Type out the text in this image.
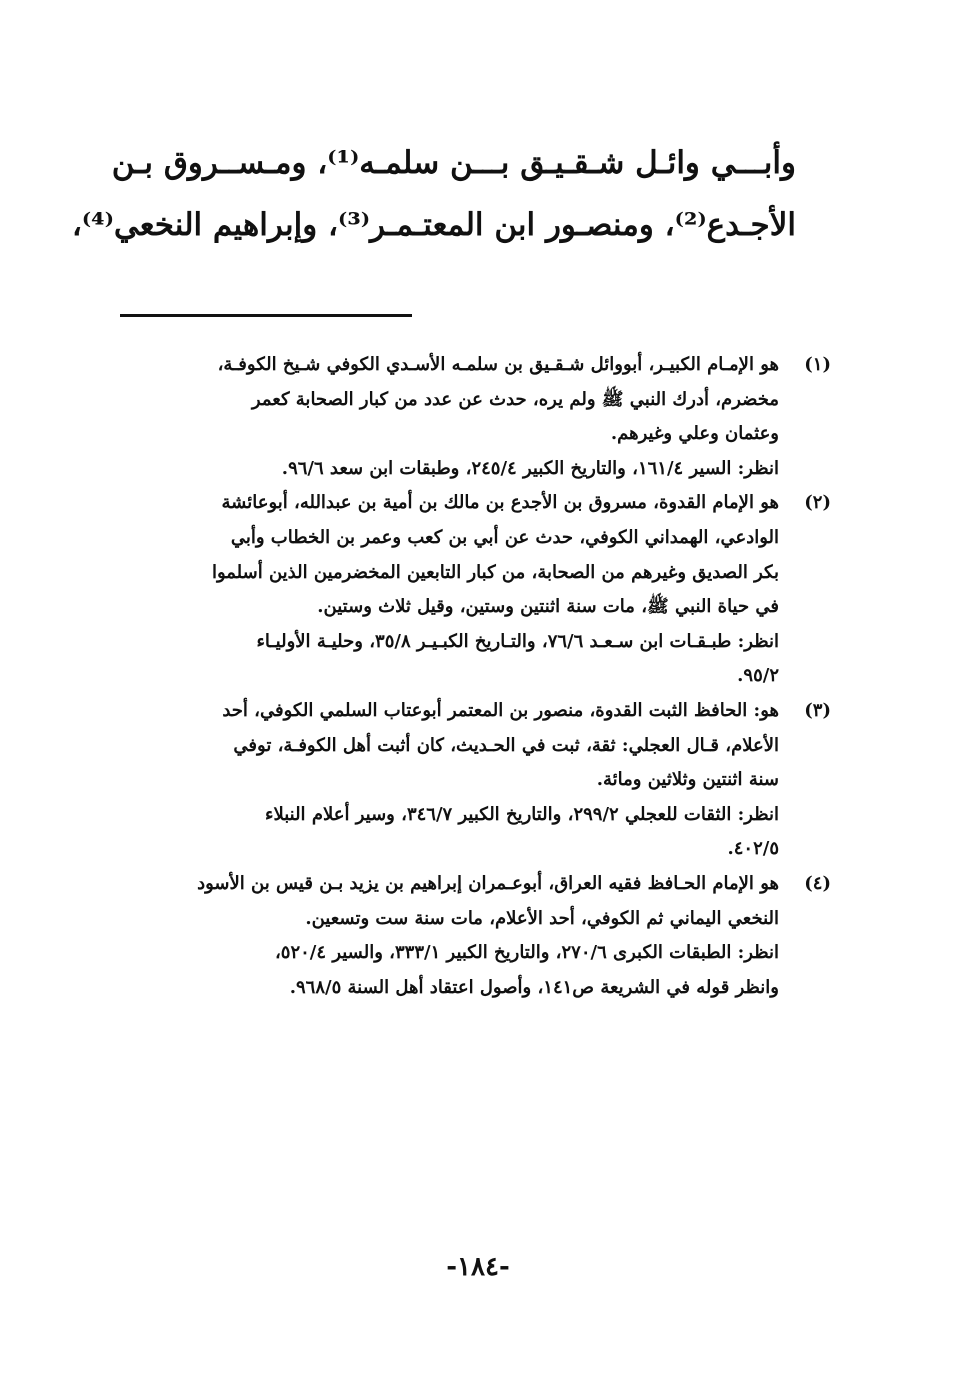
وأبـــي وائـل شـقـيـق بـــن سلمـه⁽¹⁾، ومـســروق بـن
الأجـدع⁽²⁾، ومنصـور ابن المعتـمـر⁽³⁾، وإبراهيم النخعي⁽⁴⁾،
(١)
هو الإمـام الكبيـر، أبووائل شـقـيق بن سلمـه الأسـدي الكوفي شـيخ الكوفـة،
مخضرم، أدرك النبي ﷺ ولم يره، حدث عن عدد من كبار الصحابة كعمر
وعثمان وعلي وغيرهم.
انظر: السير ١٦١/٤، والتاريخ الكبير ٢٤٥/٤، وطبقات ابن سعد ٩٦/٦.
(٢)
هو الإمام القدوة، مسروق بن الأجدع بن مالك بن أمية بن عبدالله، أبوعائشة
الوادعي، الهمداني الكوفي، حدث عن أبي بن كعب وعمر بن الخطاب وأبي
بكر الصديق وغيرهم من الصحابة، من كبار التابعين المخضرمين الذين أسلموا
في حياة النبي ﷺ، مات سنة اثنتين وستين، وقيل ثلاث وستين.
انظر: طبـقـات ابن سـعـد ٧٦/٦، والتـاريخ الكبـيـر ٣٥/٨، وحليـة الأوليـاء
٩٥/٢.
(٣)
هو: الحافظ الثبت القدوة، منصور بن المعتمر أبوعتاب السلمي الكوفي، أحد
الأعلام، قـال العجلي: ثقة، ثبت في الحـديث، كان أثبت أهل الكوفـة، توفي
سنة اثنتين وثلاثين ومائة.
انظر: الثقات للعجلي ٢٩٩/٢، والتاريخ الكبير ٣٤٦/٧، وسير أعلام النبلاء
٤٠٢/٥.
(٤)
هو الإمام الحـافظ فقيه العراق، أبوعـمران إبراهيم بن يزيد بـن قيس بن الأسود
النخعي اليماني ثم الكوفي، أحد الأعلام، مات سنة ست وتسعين.
انظر: الطبقات الكبرى ٢٧٠/٦، والتاريخ الكبير ٣٣٣/١، والسير ٥٢٠/٤،
وانظر قوله في الشريعة ص١٤١، وأصول اعتقاد أهل السنة ٩٦٨/٥.
-١٨٤-
